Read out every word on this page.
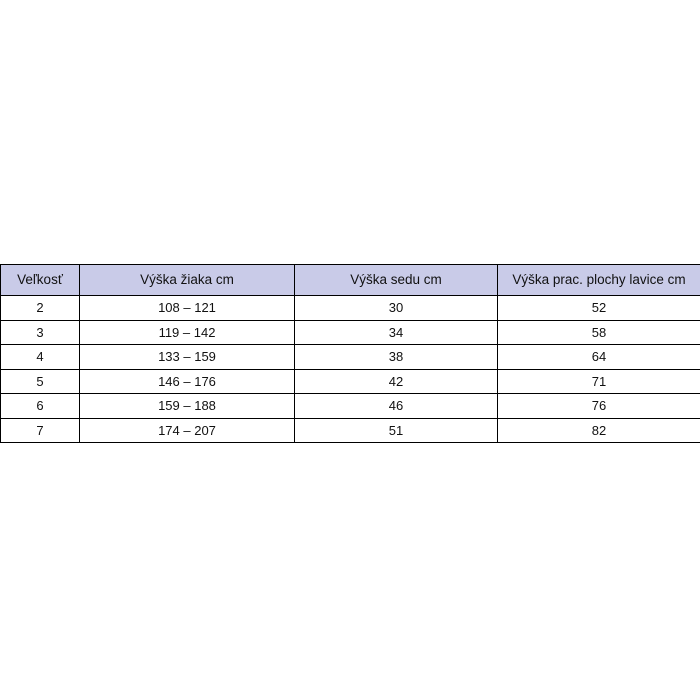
Veľkosť	Výška žiaka cm	Výška sedu cm	Výška prac. plochy lavice cm
2	108 – 121	30	52
3	119 – 142	34	58
4	133 – 159	38	64
5	146 – 176	42	71
6	159 – 188	46	76
7	174 – 207	51	82
